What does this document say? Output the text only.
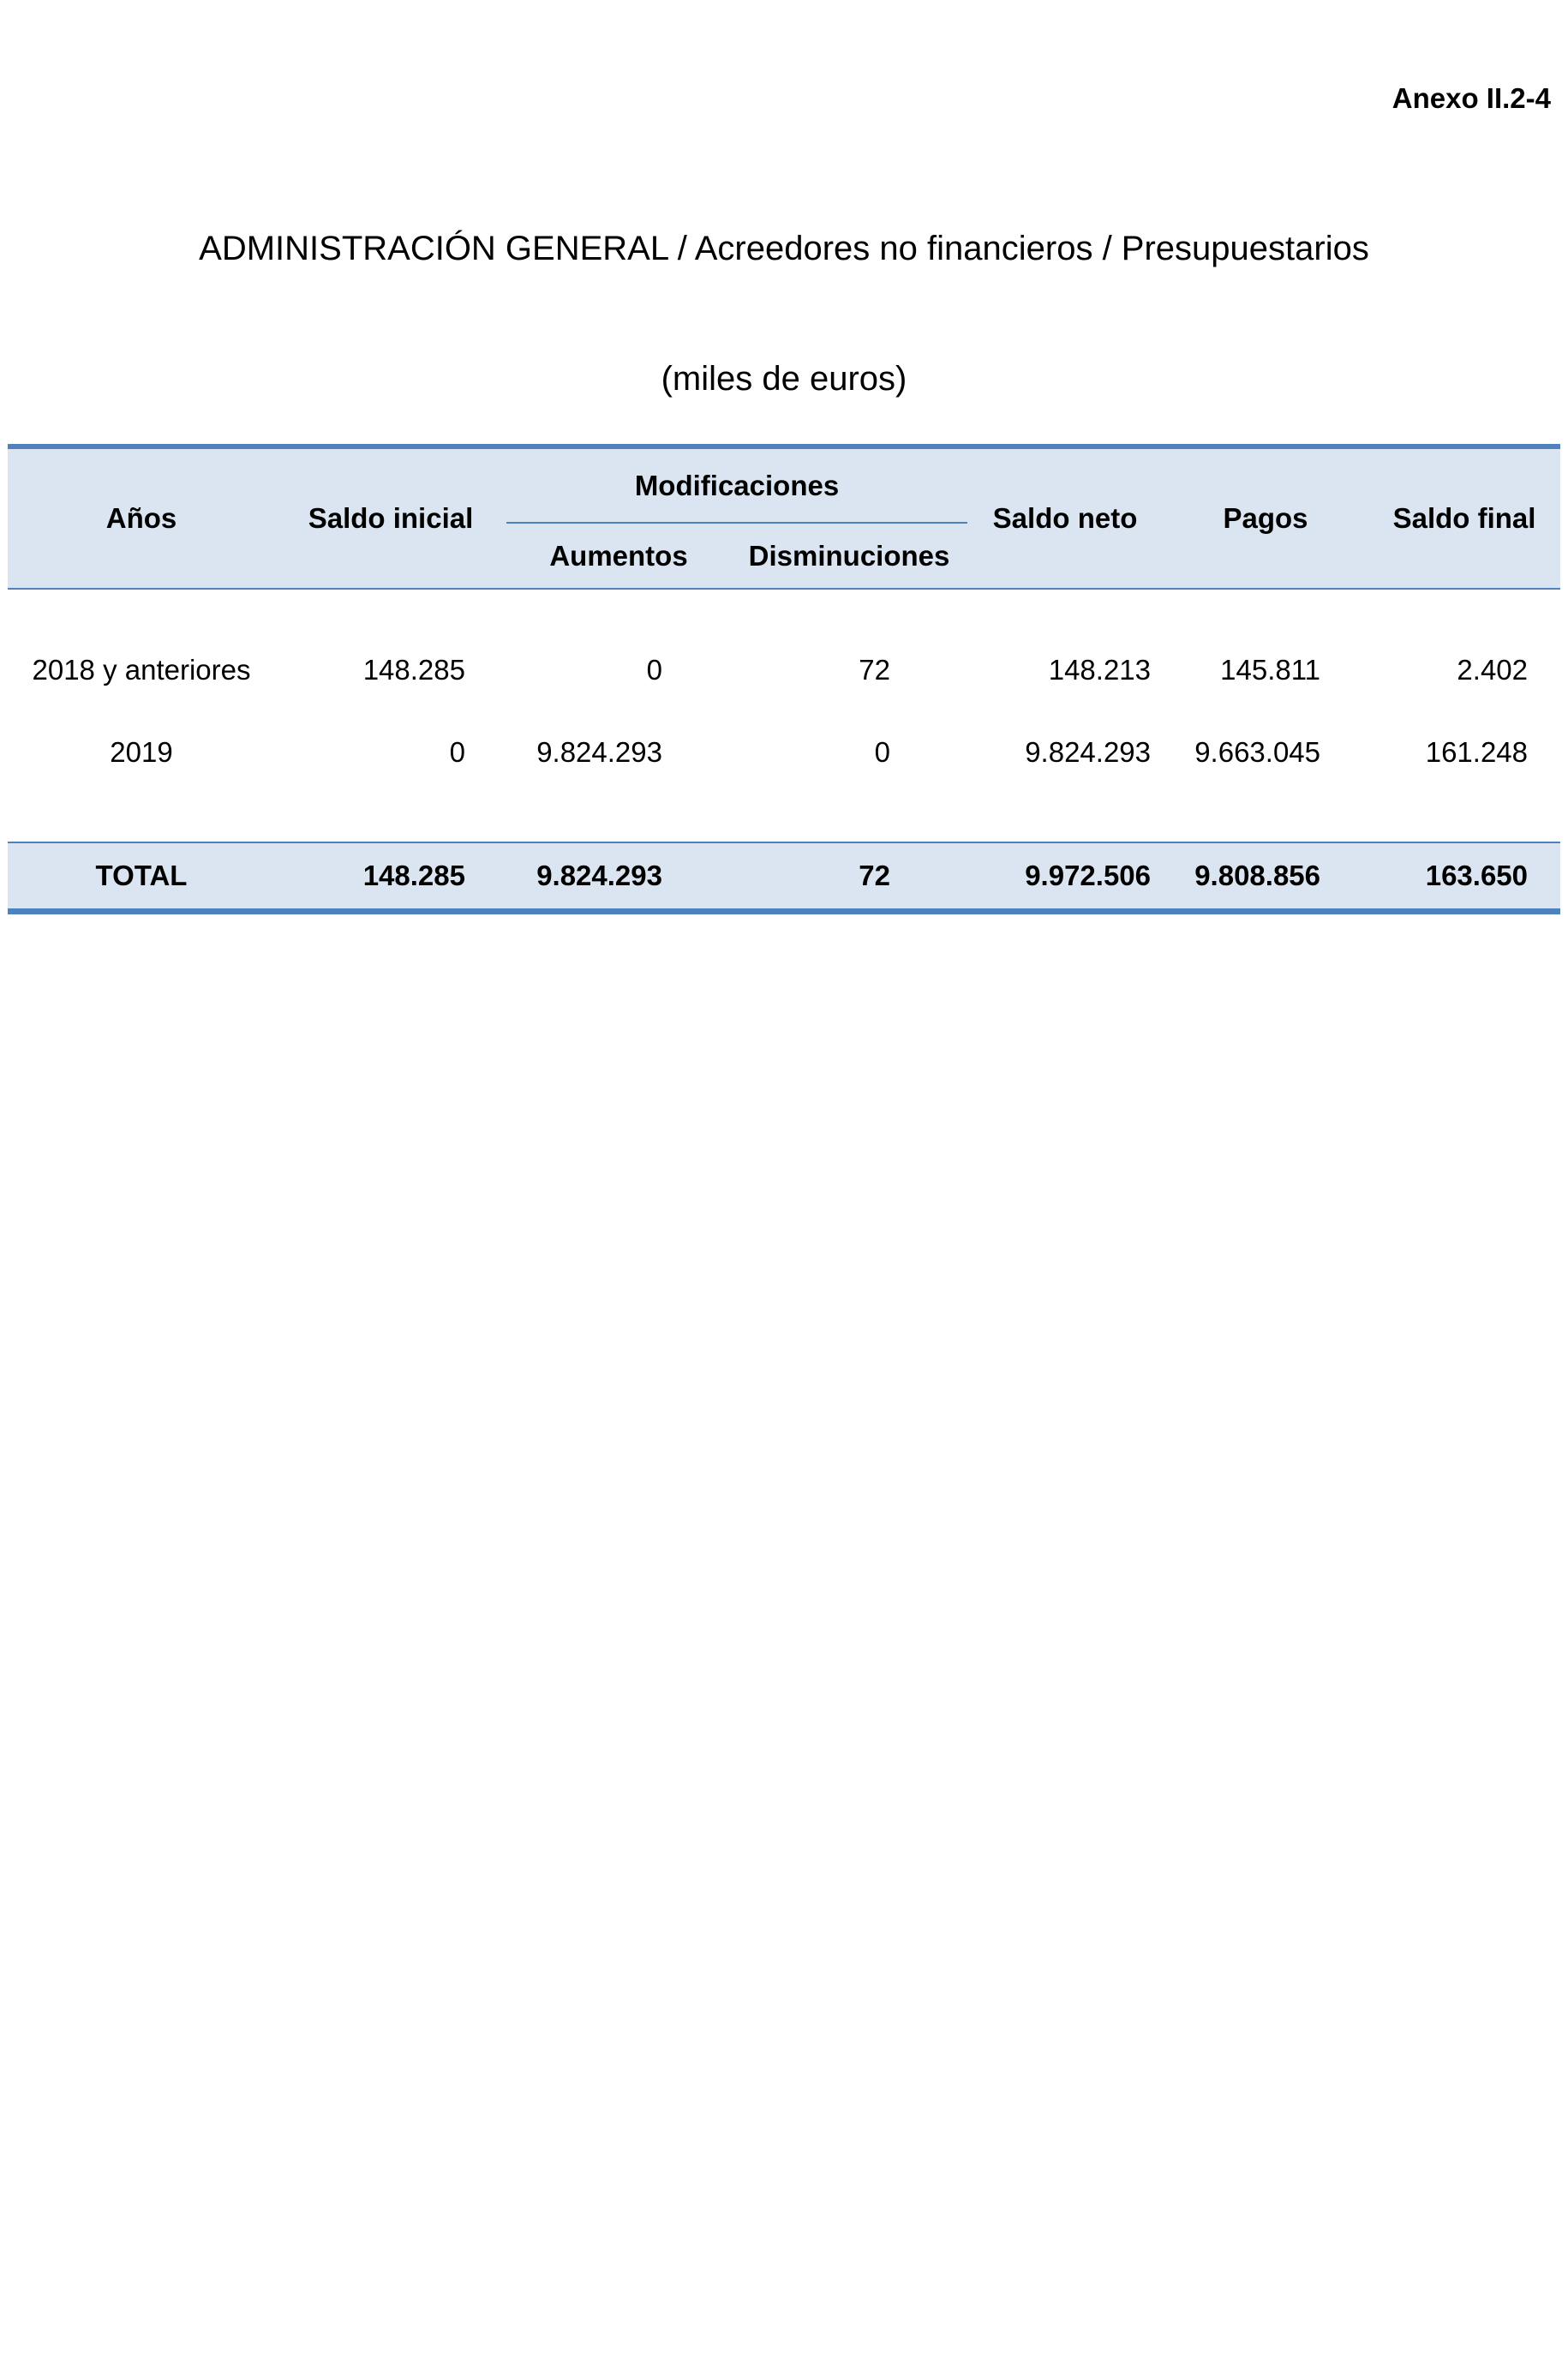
Anexo II.2-4
ADMINISTRACIÓN GENERAL / Acreedores no financieros / Presupuestarios
(miles de euros)
Años	Saldo inicial	Modificaciones		Saldo neto	Pagos	Saldo final
		Aumentos	Disminuciones			

2018 y anteriores	148.285	0	72	148.213	145.811	2.402
2019	0	9.824.293	0	9.824.293	9.663.045	161.248

TOTAL	148.285	9.824.293	72	9.972.506	9.808.856	163.650
